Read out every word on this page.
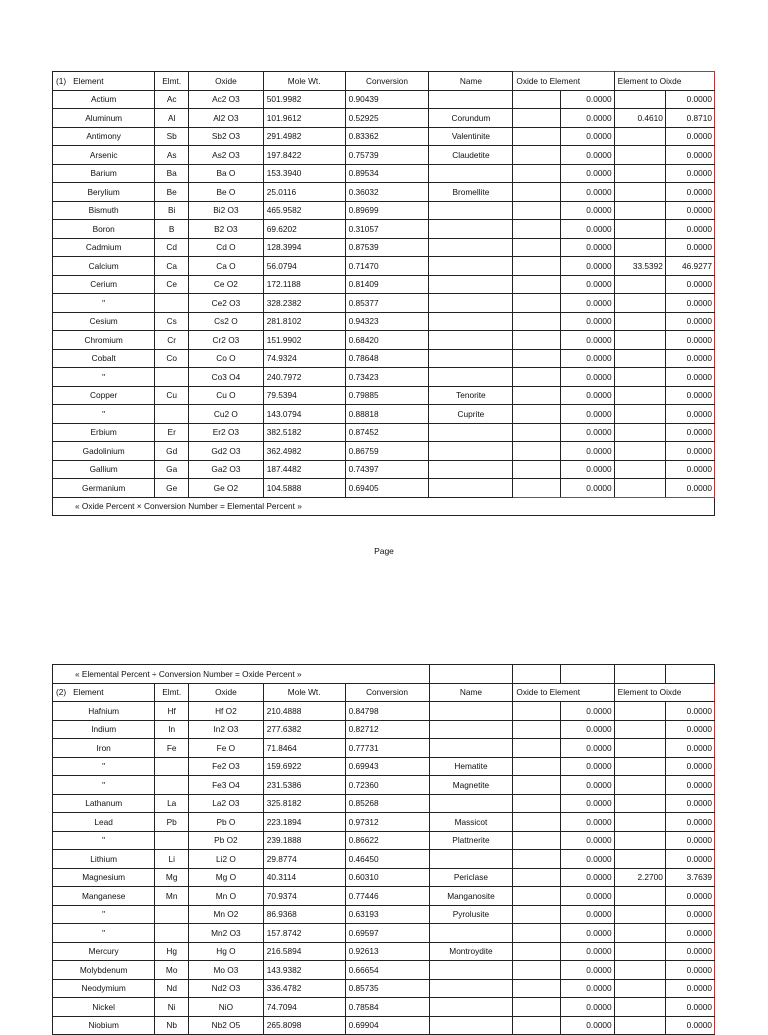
(1) Element	Elmt.	Oxide	Mole Wt.	Conversion	Name	Oxide to Element		Element to Oixde	
Actium	Ac	Ac2 O3	501.9982	0.90439			0.0000		0.0000
Aluminum	Al	Al2 O3	101.9612	0.52925	Corundum		0.0000	0.4610	0.8710
Antimony	Sb	Sb2 O3	291.4982	0.83362	Valentinite		0.0000		0.0000
Arsenic	As	As2 O3	197.8422	0.75739	Claudetite		0.0000		0.0000
Barium	Ba	Ba O	153.3940	0.89534			0.0000		0.0000
Berylium	Be	Be O	25.0116	0.36032	Bromellite		0.0000		0.0000
Bismuth	Bi	Bi2 O3	465.9582	0.89699			0.0000		0.0000
Boron	B	B2 O3	69.6202	0.31057			0.0000		0.0000
Cadmium	Cd	Cd O	128.3994	0.87539			0.0000		0.0000
Calcium	Ca	Ca O	56.0794	0.71470			0.0000	33.5392	46.9277
Cerium	Ce	Ce O2	172.1188	0.81409			0.0000		0.0000
"		Ce2 O3	328.2382	0.85377			0.0000		0.0000
Cesium	Cs	Cs2 O	281.8102	0.94323			0.0000		0.0000
Chromium	Cr	Cr2 O3	151.9902	0.68420			0.0000		0.0000
Cobalt	Co	Co O	74.9324	0.78648			0.0000		0.0000
"		Co3 O4	240.7972	0.73423			0.0000		0.0000
Copper	Cu	Cu O	79.5394	0.79885	Tenorite		0.0000		0.0000
"		Cu2 O	143.0794	0.88818	Cuprite		0.0000		0.0000
Erbium	Er	Er2 O3	382.5182	0.87452			0.0000		0.0000
Gadolinium	Gd	Gd2 O3	362.4982	0.86759			0.0000		0.0000
Gallium	Ga	Ga2 O3	187.4482	0.74397			0.0000		0.0000
Germanium	Ge	Ge O2	104.5888	0.69405			0.0000		0.0000
« Oxide Percent × Conversion Number = Elemental Percent »									
Page
« Elemental Percent ÷ Conversion Number = Oxide Percent »									
(2) Element	Elmt.	Oxide	Mole Wt.	Conversion	Name	Oxide to Element		Element to Oixde	
Hafnium	Hf	Hf O2	210.4888	0.84798			0.0000		0.0000
Indium	In	In2 O3	277.6382	0.82712			0.0000		0.0000
Iron	Fe	Fe O	71.8464	0.77731			0.0000		0.0000
"		Fe2 O3	159.6922	0.69943	Hematite		0.0000		0.0000
"		Fe3 O4	231.5386	0.72360	Magnetite		0.0000		0.0000
Lathanum	La	La2 O3	325.8182	0.85268			0.0000		0.0000
Lead	Pb	Pb O	223.1894	0.97312	Massicot		0.0000		0.0000
"		Pb O2	239.1888	0.86622	Plattnerite		0.0000		0.0000
Lithium	Li	Li2 O	29.8774	0.46450			0.0000		0.0000
Magnesium	Mg	Mg O	40.3114	0.60310	Periclase		0.0000	2.2700	3.7639
Manganese	Mn	Mn O	70.9374	0.77446	Manganosite		0.0000		0.0000
"		Mn O2	86.9368	0.63193	Pyrolusite		0.0000		0.0000
"		Mn2 O3	157.8742	0.69597			0.0000		0.0000
Mercury	Hg	Hg O	216.5894	0.92613	Montroydite		0.0000		0.0000
Molybdenum	Mo	Mo O3	143.9382	0.66654			0.0000		0.0000
Neodymium	Nd	Nd2 O3	336.4782	0.85735			0.0000		0.0000
Nickel	Ni	NiO	74.7094	0.78584			0.0000		0.0000
Niobium	Nb	Nb2 O5	265.8098	0.69904			0.0000		0.0000
